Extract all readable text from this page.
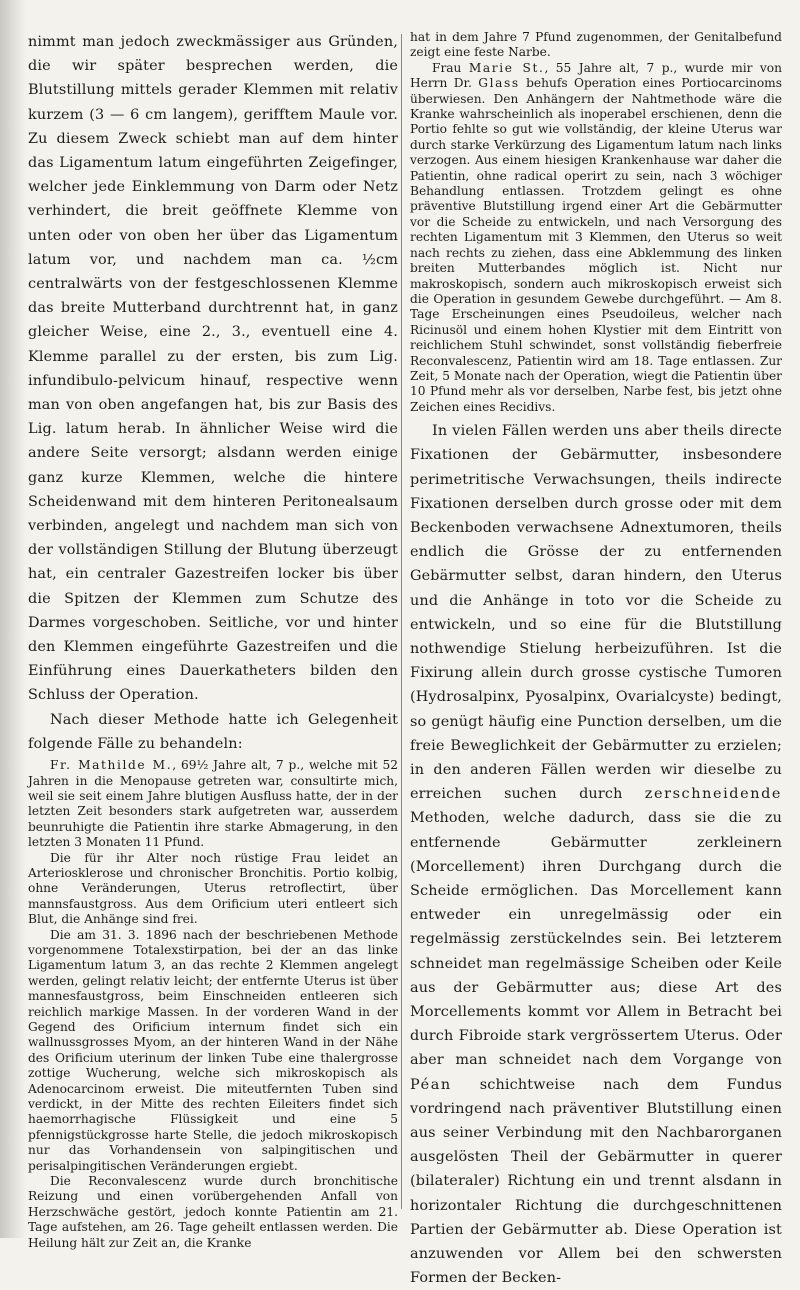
nimmt man jedoch zweckmässiger aus Gründen, die wir später besprechen werden, die Blutstillung mittels gerader Klemmen mit relativ kurzem (3 — 6 cm langem), gerifftem Maule vor. Zu diesem Zweck schiebt man auf dem hinter das Ligamentum latum eingeführten Zeigefinger, welcher jede Einklemmung von Darm oder Netz verhindert, die breit geöffnete Klemme von unten oder von oben her über das Ligamentum latum vor, und nachdem man ca. ½cm centralwärts von der festgeschlossenen Klemme das breite Mutterband durchtrennt hat, in ganz gleicher Weise, eine 2., 3., eventuell eine 4. Klemme parallel zu der ersten, bis zum Lig. infundibulo-pelvicum hinauf, respective wenn man von oben angefangen hat, bis zur Basis des Lig. latum herab. In ähnlicher Weise wird die andere Seite versorgt; alsdann werden einige ganz kurze Klemmen, welche die hintere Scheidenwand mit dem hinteren Peritonealsaum verbinden, angelegt und nachdem man sich von der vollständigen Stillung der Blutung überzeugt hat, ein centraler Gazestreifen locker bis über die Spitzen der Klemmen zum Schutze des Darmes vorgeschoben. Seitliche, vor und hinter den Klemmen eingeführte Gazestreifen und die Einführung eines Dauerkatheters bilden den Schluss der Operation.

Nach dieser Methode hatte ich Gelegenheit folgende Fälle zu behandeln:

Fr. Mathilde M., 69½ Jahre alt, 7 p., welche mit 52 Jahren in die Menopause getreten war, consultirte mich, weil sie seit einem Jahre blutigen Ausfluss hatte, der in der letzten Zeit besonders stark aufgetreten war, ausserdem beunruhigte die Patientin ihre starke Abmagerung, in den letzten 3 Monaten 11 Pfund.

Die für ihr Alter noch rüstige Frau leidet an Arteriosklerose und chronischer Bronchitis. Portio kolbig, ohne Veränderungen, Uterus retroflectirt, über mannsfaustgross. Aus dem Orificium uteri entleert sich Blut, die Anhänge sind frei.

Die am 31. 3. 1896 nach der beschriebenen Methode vorgenommene Totalexstirpation, bei der an das linke Ligamentum latum 3, an das rechte 2 Klemmen angelegt werden, gelingt relativ leicht; der entfernte Uterus ist über mannesfaustgross, beim Einschneiden entleeren sich reichlich markige Massen. In der vorderen Wand in der Gegend des Orificium internum findet sich ein wallnussgrosses Myom, an der hinteren Wand in der Nähe des Orificium uterinum der linken Tube eine thalergrosse zottige Wucherung, welche sich mikroskopisch als Adenocarcinom erweist. Die miteutfernten Tuben sind verdickt, in der Mitte des rechten Eileiters findet sich haemorrhagische Flüssigkeit und eine 5 pfennigstückgrosse harte Stelle, die jedoch mikroskopisch nur das Vorhandensein von salpingitischen und perisalpingitischen Veränderungen ergiebt.

Die Reconvalescenz wurde durch bronchitische Reizung und einen vorübergehenden Anfall von Herzschwäche gestört, jedoch konnte Patientin am 21. Tage aufstehen, am 26. Tage geheilt entlassen werden. Die Heilung hält zur Zeit an, die Kranke

hat in dem Jahre 7 Pfund zugenommen, der Genitalbefund zeigt eine feste Narbe.

Frau Marie St., 55 Jahre alt, 7 p., wurde mir von Herrn Dr. Glass behufs Operation eines Portiocarcinoms überwiesen. Den Anhängern der Nahtmethode wäre die Kranke wahrscheinlich als inoperabel erschienen, denn die Portio fehlte so gut wie vollständig, der kleine Uterus war durch starke Verkürzung des Ligamentum latum nach links verzogen. Aus einem hiesigen Krankenhause war daher die Patientin, ohne radical operirt zu sein, nach 3 wöchiger Behandlung entlassen. Trotzdem gelingt es ohne präventive Blutstillung irgend einer Art die Gebärmutter vor die Scheide zu entwickeln, und nach Versorgung des rechten Ligamentum mit 3 Klemmen, den Uterus so weit nach rechts zu ziehen, dass eine Abklemmung des linken breiten Mutterbandes möglich ist. Nicht nur makroskopisch, sondern auch mikroskopisch erweist sich die Operation in gesundem Gewebe durchgeführt. — Am 8. Tage Erscheinungen eines Pseudoileus, welcher nach Ricinusöl und einem hohen Klystier mit dem Eintritt von reichlichem Stuhl schwindet, sonst vollständig fieberfreie Reconvalescenz, Patientin wird am 18. Tage entlassen. Zur Zeit, 5 Monate nach der Operation, wiegt die Patientin über 10 Pfund mehr als vor derselben, Narbe fest, bis jetzt ohne Zeichen eines Recidivs.

In vielen Fällen werden uns aber theils directe Fixationen der Gebärmutter, insbesondere perimetritische Verwachsungen, theils indirecte Fixationen derselben durch grosse oder mit dem Beckenboden verwachsene Adnextumoren, theils endlich die Grösse der zu entfernenden Gebärmutter selbst, daran hindern, den Uterus und die Anhänge in toto vor die Scheide zu entwickeln, und so eine für die Blutstillung nothwendige Stielung herbeizuführen. Ist die Fixirung allein durch grosse cystische Tumoren (Hydrosalpinx, Pyosalpinx, Ovarialcyste) bedingt, so genügt häufig eine Punction derselben, um die freie Beweglichkeit der Gebärmutter zu erzielen; in den anderen Fällen werden wir dieselbe zu erreichen suchen durch zerschneidende Methoden, welche dadurch, dass sie die zu entfernende Gebärmutter zerkleinern (Morcellement) ihren Durchgang durch die Scheide ermöglichen. Das Morcellement kann entweder ein unregelmässig oder ein regelmässig zerstückelndes sein. Bei letzterem schneidet man regelmässige Scheiben oder Keile aus der Gebärmutter aus; diese Art des Morcellements kommt vor Allem in Betracht bei durch Fibroide stark vergrössertem Uterus. Oder aber man schneidet nach dem Vorgange von Péan schichtweise nach dem Fundus vordringend nach präventiver Blutstillung einen aus seiner Verbindung mit den Nachbarorganen ausgelösten Theil der Gebärmutter in querer (bilateraler) Richtung ein und trennt alsdann in horizontaler Richtung die durchgeschnittenen Partien der Gebärmutter ab. Diese Operation ist anzuwenden vor Allem bei den schwersten Formen der Becken-
